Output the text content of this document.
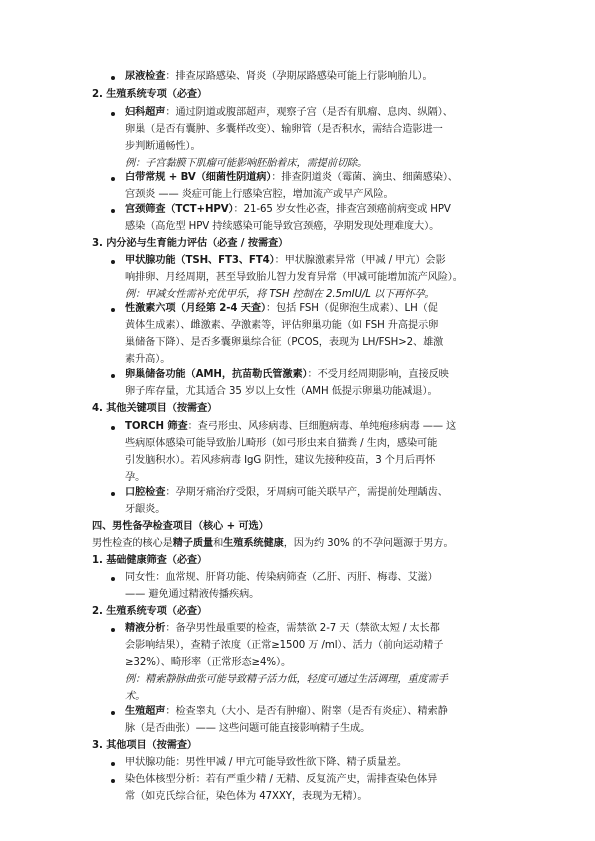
尿液检查：排查尿路感染、肾炎（孕期尿路感染可能上行影响胎儿）。
2. 生殖系统专项（必查）
妇科超声：通过阴道或腹部超声，观察子宫（是否有肌瘤、息肉、纵隔）、
卵巢（是否有囊肿、多囊样改变）、输卵管（是否积水，需结合造影进一
步判断通畅性）。
例：子宫黏膜下肌瘤可能影响胚胎着床，需提前切除。
白带常规 + BV（细菌性阴道病）：排查阴道炎（霉菌、滴虫、细菌感染）、
宫颈炎 —— 炎症可能上行感染宫腔，增加流产或早产风险。
宫颈筛查（TCT+HPV）：21-65 岁女性必查，排查宫颈癌前病变或 HPV
感染（高危型 HPV 持续感染可能导致宫颈癌，孕期发现处理难度大）。
3. 内分泌与生育能力评估（必查 / 按需查）
甲状腺功能（TSH、FT3、FT4）：甲状腺激素异常（甲减 / 甲亢）会影
响排卵、月经周期，甚至导致胎儿智力发育异常（甲减可能增加流产风险）。
例：甲减女性需补充优甲乐，将 TSH 控制在 2.5mIU/L 以下再怀孕。
性激素六项（月经第 2-4 天查）：包括 FSH（促卵泡生成素）、LH（促
黄体生成素）、雌激素、孕激素等，评估卵巢功能（如 FSH 升高提示卵
巢储备下降）、是否多囊卵巢综合征（PCOS，表现为 LH/FSH>2、雄激
素升高）。
卵巢储备功能（AMH，抗苗勒氏管激素）：不受月经周期影响，直接反映
卵子库存量，尤其适合 35 岁以上女性（AMH 低提示卵巢功能减退）。
4. 其他关键项目（按需查）
TORCH 筛查：查弓形虫、风疹病毒、巨细胞病毒、单纯疱疹病毒 —— 这
些病原体感染可能导致胎儿畸形（如弓形虫来自猫粪 / 生肉，感染可能
引发脑积水）。若风疹病毒 IgG 阴性，建议先接种疫苗，3 个月后再怀
孕。
口腔检查：孕期牙痛治疗受限，牙周病可能关联早产，需提前处理龋齿、
牙龈炎。
四、男性备孕检查项目（核心 + 可选）
男性检查的核心是精子质量和生殖系统健康，因为约 30% 的不孕问题源于男方。
1. 基础健康筛查（必查）
同女性：血常规、肝肾功能、传染病筛查（乙肝、丙肝、梅毒、艾滋）
—— 避免通过精液传播疾病。
2. 生殖系统专项（必查）
精液分析：备孕男性最重要的检查，需禁欲 2-7 天（禁欲太短 / 太长都
会影响结果），查精子浓度（正常≥1500 万 /ml）、活力（前向运动精子
≥32%）、畸形率（正常形态≥4%）。
例：精索静脉曲张可能导致精子活力低，轻度可通过生活调理，重度需手
术。
生殖超声：检查睾丸（大小、是否有肿瘤）、附睾（是否有炎症）、精索静
脉（是否曲张）—— 这些问题可能直接影响精子生成。
3. 其他项目（按需查）
甲状腺功能：男性甲减 / 甲亢可能导致性欲下降、精子质量差。
染色体核型分析：若有严重少精 / 无精、反复流产史，需排查染色体异
常（如克氏综合征，染色体为 47XXY，表现为无精）。
